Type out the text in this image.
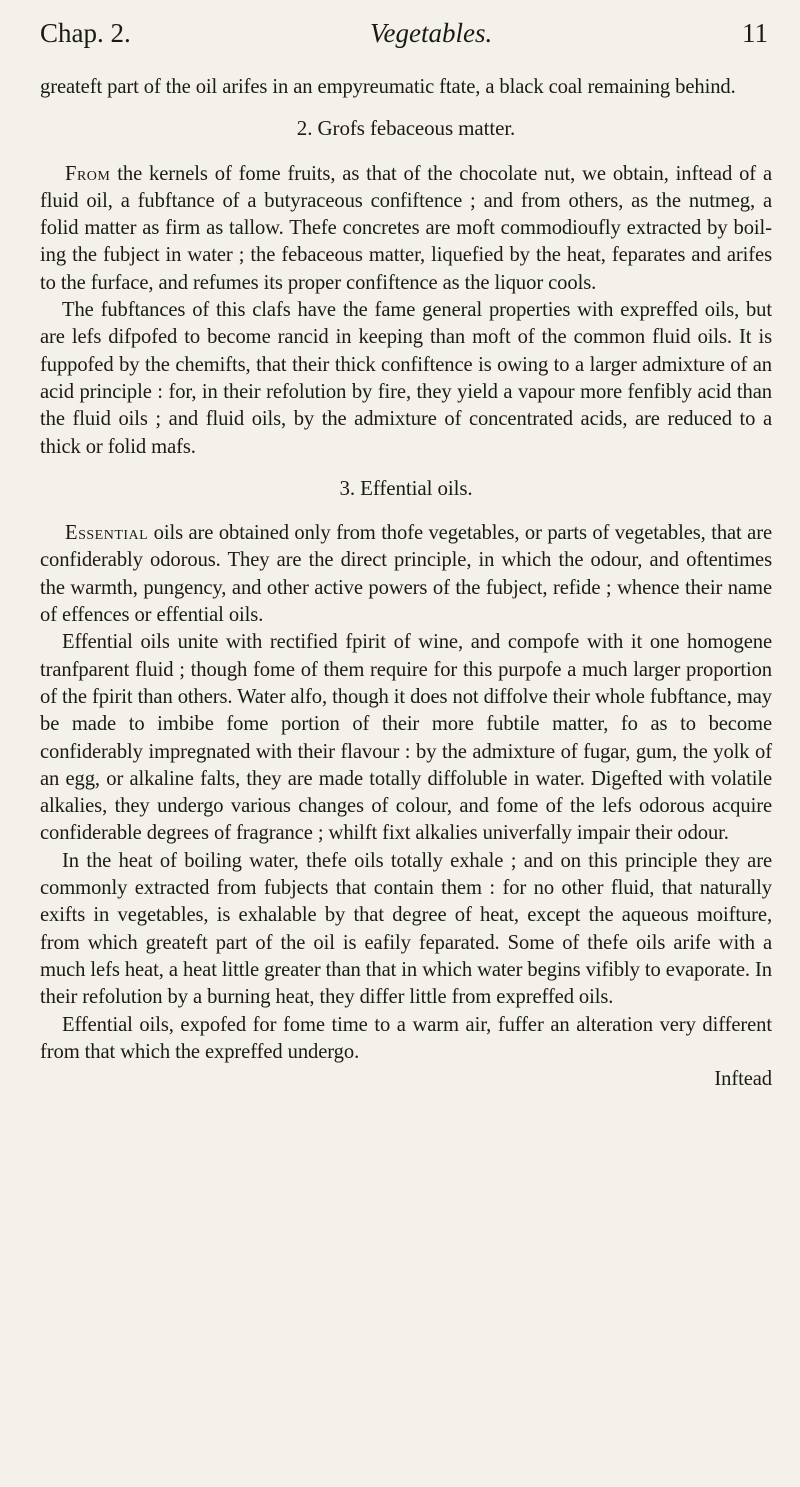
Chap. 2.	Vegetables.	11

greateft part of the oil arifes in an empyreumatic ftate, a black coal remaining behind.

2. Grofs febaceous matter.

From the kernels of fome fruits, as that of the chocolate nut, we obtain, inftead of a fluid oil, a fubftance of a butyraceous confiftence ; and from others, as the nutmeg, a folid matter as firm as tallow. Thefe concretes are moft commodioufly extracted by boiling the fubject in water ; the febaceous matter, liquefied by the heat, feparates and arifes to the furface, and refumes its proper confiftence as the liquor cools.

The fubftances of this clafs have the fame general properties with expreffed oils, but are lefs difpofed to become rancid in keeping than moft of the common fluid oils. It is fuppofed by the chemifts, that their thick confiftence is owing to a larger admixture of an acid principle : for, in their refolution by fire, they yield a vapour more fenfibly acid than the fluid oils ; and fluid oils, by the admixture of concentrated acids, are reduced to a thick or folid mafs.

3. Effential oils.

Essential oils are obtained only from thofe vegetables, or parts of vegetables, that are confiderably odorous. They are the direct principle, in which the odour, and oftentimes the warmth, pungency, and other active powers of the fubject, refide ; whence their name of effences or effential oils.

Effential oils unite with rectified fpirit of wine, and compofe with it one homogene tranfparent fluid ; though fome of them require for this purpofe a much larger proportion of the fpirit than others. Water alfo, though it does not diffolve their whole fubftance, may be made to imbibe fome portion of their more fubtile matter, fo as to become confiderably impregnated with their flavour : by the admixture of fugar, gum, the yolk of an egg, or alkaline falts, they are made totally diffoluble in water. Digefted with volatile alkalies, they undergo various changes of colour, and fome of the lefs odorous acquire confiderable degrees of fragrance ; whilft fixt alkalies univerfally impair their odour.

In the heat of boiling water, thefe oils totally exhale ; and on this principle they are commonly extracted from fubjects that contain them : for no other fluid, that naturally exifts in vegetables, is exhalable by that degree of heat, except the aqueous moifture, from which greateft part of the oil is eafily feparated. Some of thefe oils arife with a much lefs heat, a heat little greater than that in which water begins vifibly to evaporate. In their refolution by a burning heat, they differ little from expreffed oils.

Effential oils, expofed for fome time to a warm air, fuffer an alteration very different from that which the expreffed undergo.

Inftead
